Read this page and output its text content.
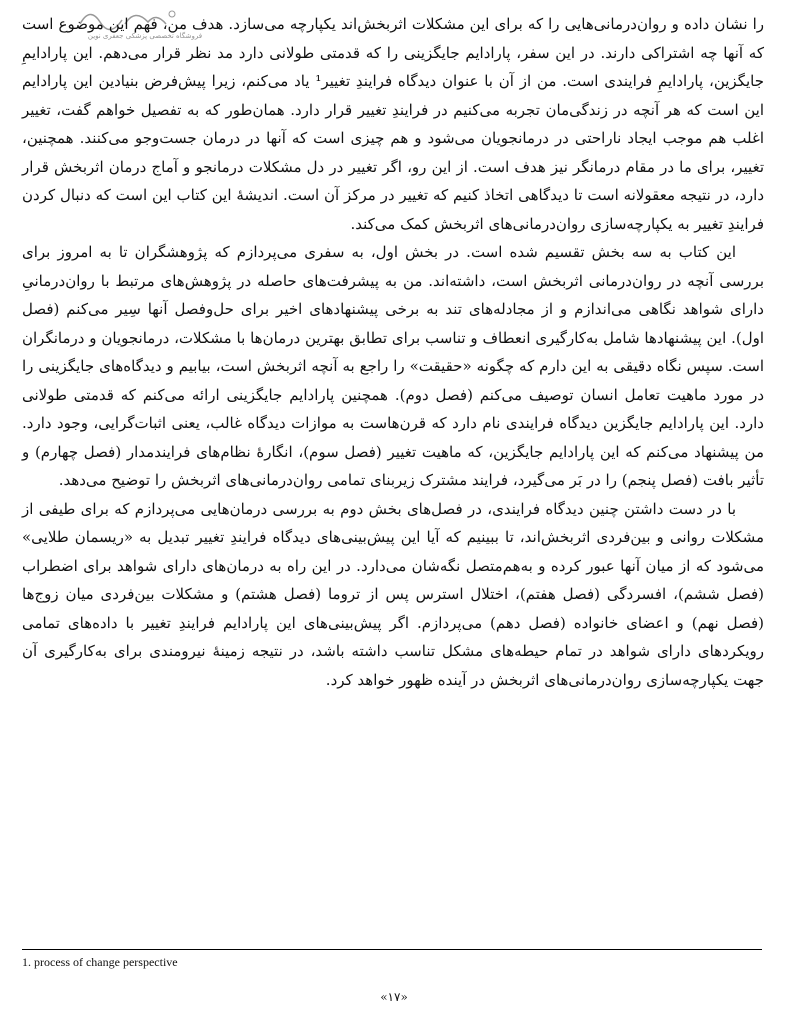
فروشگاه تخصصی پزشکی جعفری نوین

را نشان داده و روان‌درمانی‌هایی را که برای این مشکلات اثربخش‌اند یکپارچه می‌سازد. هدف من، فهم این موضوع است که آنها چه اشتراکی دارند. در این سفر، پارادایم جایگزینی را که قدمتی طولانی دارد مد نظر قرار می‌دهم. این پارادایمِ جایگزین، پارادایمِ فرایندی است. من از آن با عنوان دیدگاه فرایندِ تغییر¹ یاد می‌کنم، زیرا پیش‌فرض بنیادین این پارادایم این است که هر آنچه در زندگی‌مان تجربه می‌کنیم در فرایندِ تغییر قرار دارد. همان‌طور که به تفصیل خواهم گفت، تغییر اغلب هم موجب ایجاد ناراحتی در درمانجویان می‌شود و هم چیزی است که آنها در درمان جست‌وجو می‌کنند. همچنین، تغییر، برای ما در مقام درمانگر نیز هدف است. از این رو، اگر تغییر در دل مشکلات درمانجو و آماج درمان اثربخش قرار دارد، در نتیجه معقولانه است تا دیدگاهی اتخاذ کنیم که تغییر در مرکز آن است. اندیشهٔ این کتاب این است که دنبال کردن فرایندِ تغییر به یکپارچه‌سازی روان‌درمانی‌های اثربخش کمک می‌کند.

این کتاب به سه بخش تقسیم شده است. در بخش اول، به سفری می‌پردازم که پژوهشگران تا به امروز برای بررسی آنچه در روان‌درمانی اثربخش است، داشته‌اند. من به پیشرفت‌های حاصله در پژوهش‌های مرتبط با روان‌درمانیِ دارای شواهد نگاهی می‌اندازم و از مجادله‌های تند به برخی پیشنهادهای اخیر برای حل‌وفصل آنها سِیر می‌کنم (فصل اول). این پیشنهادها شامل به‌کارگیری انعطاف و تناسب برای تطابق بهترین درمان‌ها با مشکلات، درمانجویان و درمانگران است. سپس نگاه دقیقی به این دارم که چگونه «حقیقت» را راجع به آنچه اثربخش است، بیابیم و دیدگاه‌های جایگزینی را در مورد ماهیت تعامل انسان توصیف می‌کنم (فصل دوم). همچنین پارادایم جایگزینی ارائه می‌کنم که قدمتی طولانی دارد. این پارادایم جایگزین دیدگاه فرایندی نام دارد که قرن‌هاست به موازات دیدگاه غالب، یعنی اثبات‌گرایی، وجود دارد. من پیشنهاد می‌کنم که این پارادایم جایگزین، که ماهیت تغییر (فصل سوم)، انگارهٔ نظام‌های فرایندمدار (فصل چهارم) و تأثیر بافت (فصل پنجم) را در بَر می‌گیرد، فرایند مشترک زیربنای تمامی روان‌درمانی‌های اثربخش را توضیح می‌دهد.

با در دست داشتن چنین دیدگاه فرایندی، در فصل‌های بخش دوم به بررسی درمان‌هایی می‌پردازم که برای طیفی از مشکلات روانی و بین‌فردی اثربخش‌اند، تا ببینیم که آیا این پیش‌بینی‌های دیدگاه فرایندِ تغییر تبدیل به «ریسمان طلایی» می‌شود که از میان آنها عبور کرده و به‌هم‌متصل نگه‌شان می‌دارد. در این راه به درمان‌های دارای شواهد برای اضطراب (فصل ششم)، افسردگی (فصل هفتم)، اختلال استرس پس از تروما (فصل هشتم) و مشکلات بین‌فردی میان زوج‌ها (فصل نهم) و اعضای خانواده (فصل دهم) می‌پردازم. اگر پیش‌بینی‌های این پارادایم فرایندِ تغییر با داده‌های تمامی رویکردهای دارای شواهد در تمام حیطه‌های مشکل تناسب داشته باشد، در نتیجه زمینهٔ نیرومندی برای به‌کارگیری آن جهت یکپارچه‌سازی روان‌درمانی‌های اثربخش در آینده ظهور خواهد کرد.

1. process of change perspective
«۱۷»
